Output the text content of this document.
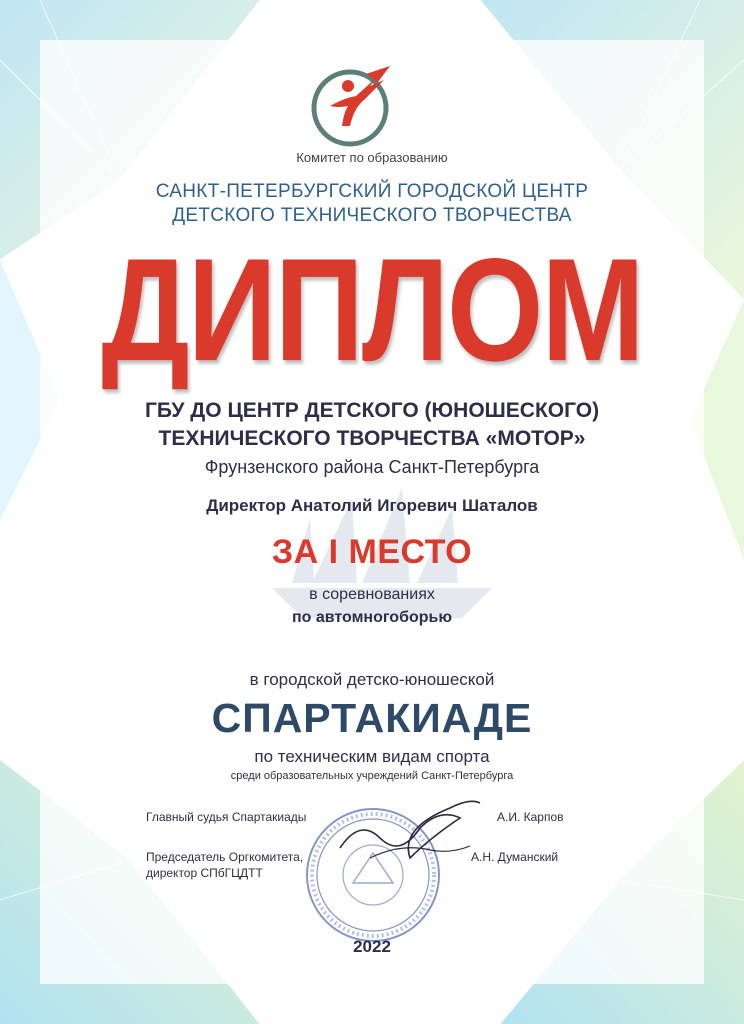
Комитет по образованию
САНКТ-ПЕТЕРБУРГСКИЙ ГОРОДСКОЙ ЦЕНТР
ДЕТСКОГО ТЕХНИЧЕСКОГО ТВОРЧЕСТВА
ДИПЛОМ
ГБУ ДО ЦЕНТР ДЕТСКОГО (ЮНОШЕСКОГО)
ТЕХНИЧЕСКОГО ТВОРЧЕСТВА «МОТОР»
Фрунзенского района Санкт-Петербурга
Директор Анатолий Игоревич Шаталов
ЗА I МЕСТО
в соревнованиях
по автомногоборью
в городской детско-юношеской
СПАРТАКИАДЕ
по техническим видам спорта
среди образовательных учреждений Санкт-Петербурга
Главный судья Спартакиады	А.И. Карпов
Председатель Оргкомитета,
директор СПбГЦДТТ
А.Н. Думанский
2022
